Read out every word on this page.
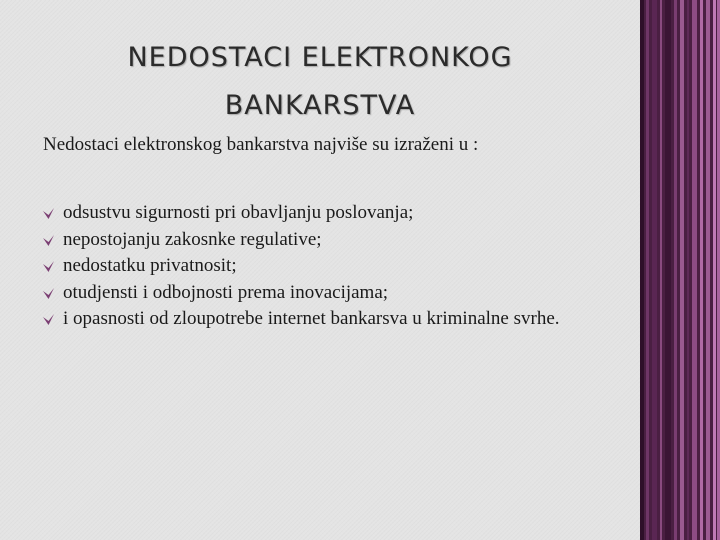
NEDOSTACI ELEKTRONKOG BANKARSTVA
Nedostaci elektronskog bankarstva najviše su izraženi u :
odsustvu sigurnosti pri obavljanju poslovanja;
nepostojanju zakosnke regulative;
nedostatku privatnosit;
otudjensti i odbojnosti prema inovacijama;
i opasnosti od zloupotrebe internet bankarsva u kriminalne svrhe.
